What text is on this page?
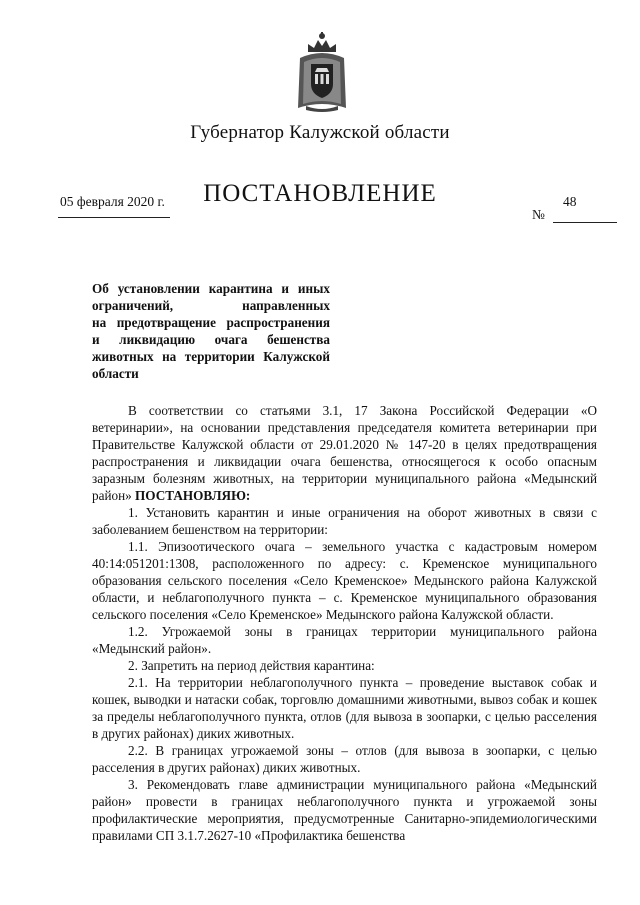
Губернатор Калужской области
ПОСТАНОВЛЕНИЕ
05 февраля 2020 г.	48
№
Об установлении карантина и иных
ограничений, направленных
на предотвращение распространения
и ликвидацию очага бешенства
животных на территории Калужской
области

В соответствии со статьями 3.1, 17 Закона Российской Федерации «О ветеринарии», на основании представления председателя комитета ветеринарии при Правительстве Калужской области от 29.01.2020 № 147-20 в целях предотвращения распространения и ликвидации очага бешенства, относящегося к особо опасным заразным болезням животных, на территории муниципального района «Медынский район» ПОСТАНОВЛЯЮ:

1. Установить карантин и иные ограничения на оборот животных в связи с заболеванием бешенством на территории:

1.1. Эпизоотического очага – земельного участка с кадастровым номером 40:14:051201:1308, расположенного по адресу: с. Кременское муниципального образования сельского поселения «Село Кременское» Медынского района Калужской области, и неблагополучного пункта – с. Кременское муниципального образования сельского поселения «Село Кременское» Медынского района Калужской области.

1.2. Угрожаемой зоны в границах территории муниципального района «Медынский район».

2. Запретить на период действия карантина:

2.1. На территории неблагополучного пункта – проведение выставок собак и кошек, выводки и натаски собак, торговлю домашними животными, вывоз собак и кошек за пределы неблагополучного пункта, отлов (для вывоза в зоопарки, с целью расселения в других районах) диких животных.

2.2. В границах угрожаемой зоны – отлов (для вывоза в зоопарки, с целью расселения в других районах) диких животных.

3. Рекомендовать главе администрации муниципального района «Медынский район» провести в границах неблагополучного пункта и угрожаемой зоны профилактические мероприятия, предусмотренные Санитарно-эпидемиологическими правилами СП 3.1.7.2627-10 «Профилактика бешенства
